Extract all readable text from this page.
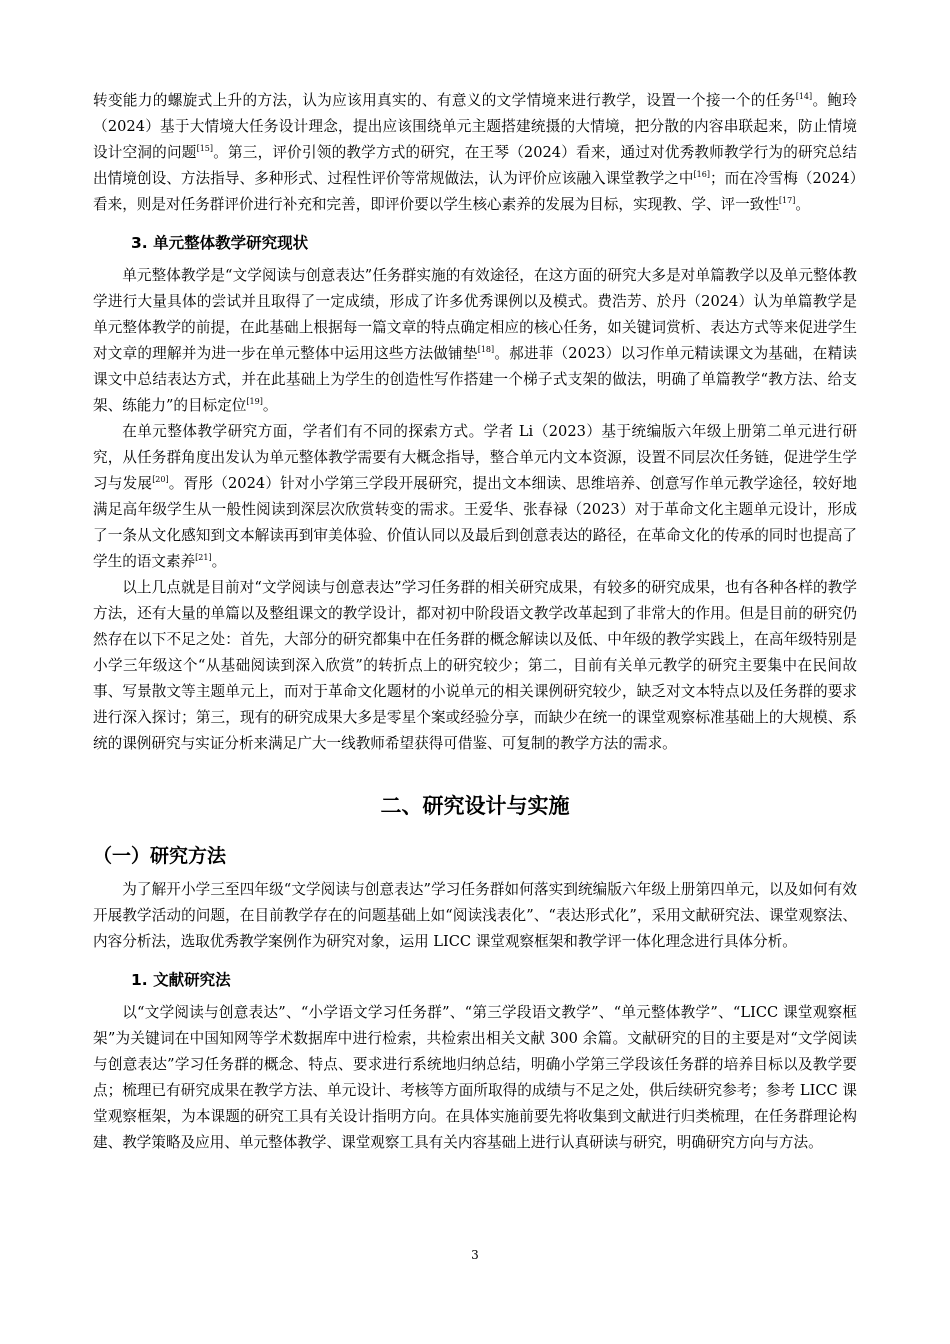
转变能力的螺旋式上升的方法，认为应该用真实的、有意义的文学情境来进行教学，设置一个接一个的任务[14]。鲍玲（2024）基于大情境大任务设计理念，提出应该围绕单元主题搭建统摄的大情境，把分散的内容串联起来，防止情境设计空洞的问题[15]。第三，评价引领的教学方式的研究，在王琴（2024）看来，通过对优秀教师教学行为的研究总结出情境创设、方法指导、多种形式、过程性评价等常规做法，认为评价应该融入课堂教学之中[16]；而在冷雪梅（2024）看来，则是对任务群评价进行补充和完善，即评价要以学生核心素养的发展为目标，实现教、学、评一致性[17]。

3. 单元整体教学研究现状

单元整体教学是“文学阅读与创意表达”任务群实施的有效途径，在这方面的研究大多是对单篇教学以及单元整体教学进行大量具体的尝试并且取得了一定成绩，形成了许多优秀课例以及模式。费浩芳、於丹（2024）认为单篇教学是单元整体教学的前提，在此基础上根据每一篇文章的特点确定相应的核心任务，如关键词赏析、表达方式等来促进学生对文章的理解并为进一步在单元整体中运用这些方法做铺垫[18]。郝进菲（2023）以习作单元精读课文为基础，在精读课文中总结表达方式，并在此基础上为学生的创造性写作搭建一个梯子式支架的做法，明确了单篇教学“教方法、给支架、练能力”的目标定位[19]。

在单元整体教学研究方面，学者们有不同的探索方式。学者 Li（2023）基于统编版六年级上册第二单元进行研究，从任务群角度出发认为单元整体教学需要有大概念指导，整合单元内文本资源，设置不同层次任务链，促进学生学习与发展[20]。胥彤（2024）针对小学第三学段开展研究，提出文本细读、思维培养、创意写作单元教学途径，较好地满足高年级学生从一般性阅读到深层次欣赏转变的需求。王爱华、张春禄（2023）对于革命文化主题单元设计，形成了一条从文化感知到文本解读再到审美体验、价值认同以及最后到创意表达的路径，在革命文化的传承的同时也提高了学生的语文素养[21]。

以上几点就是目前对“文学阅读与创意表达”学习任务群的相关研究成果，有较多的研究成果，也有各种各样的教学方法，还有大量的单篇以及整组课文的教学设计，都对初中阶段语文教学改革起到了非常大的作用。但是目前的研究仍然存在以下不足之处：首先，大部分的研究都集中在任务群的概念解读以及低、中年级的教学实践上，在高年级特别是小学三年级这个“从基础阅读到深入欣赏”的转折点上的研究较少；第二，目前有关单元教学的研究主要集中在民间故事、写景散文等主题单元上，而对于革命文化题材的小说单元的相关课例研究较少，缺乏对文本特点以及任务群的要求进行深入探讨；第三，现有的研究成果大多是零星个案或经验分享，而缺少在统一的课堂观察标准基础上的大规模、系统的课例研究与实证分析来满足广大一线教师希望获得可借鉴、可复制的教学方法的需求。

二、研究设计与实施
（一）研究方法

为了解开小学三至四年级“文学阅读与创意表达”学习任务群如何落实到统编版六年级上册第四单元，以及如何有效开展教学活动的问题，在目前教学存在的问题基础上如“阅读浅表化”、“表达形式化”，采用文献研究法、课堂观察法、内容分析法，选取优秀教学案例作为研究对象，运用 LICC 课堂观察框架和教学评一体化理念进行具体分析。

1. 文献研究法

以“文学阅读与创意表达”、“小学语文学习任务群”、“第三学段语文教学”、“单元整体教学”、“LICC 课堂观察框架”为关键词在中国知网等学术数据库中进行检索，共检索出相关文献 300 余篇。文献研究的目的主要是对“文学阅读与创意表达”学习任务群的概念、特点、要求进行系统地归纳总结，明确小学第三学段该任务群的培养目标以及教学要点；梳理已有研究成果在教学方法、单元设计、考核等方面所取得的成绩与不足之处，供后续研究参考；参考 LICC 课堂观察框架，为本课题的研究工具有关设计指明方向。在具体实施前要先将收集到文献进行归类梳理，在任务群理论构建、教学策略及应用、单元整体教学、课堂观察工具有关内容基础上进行认真研读与研究，明确研究方向与方法。

3
